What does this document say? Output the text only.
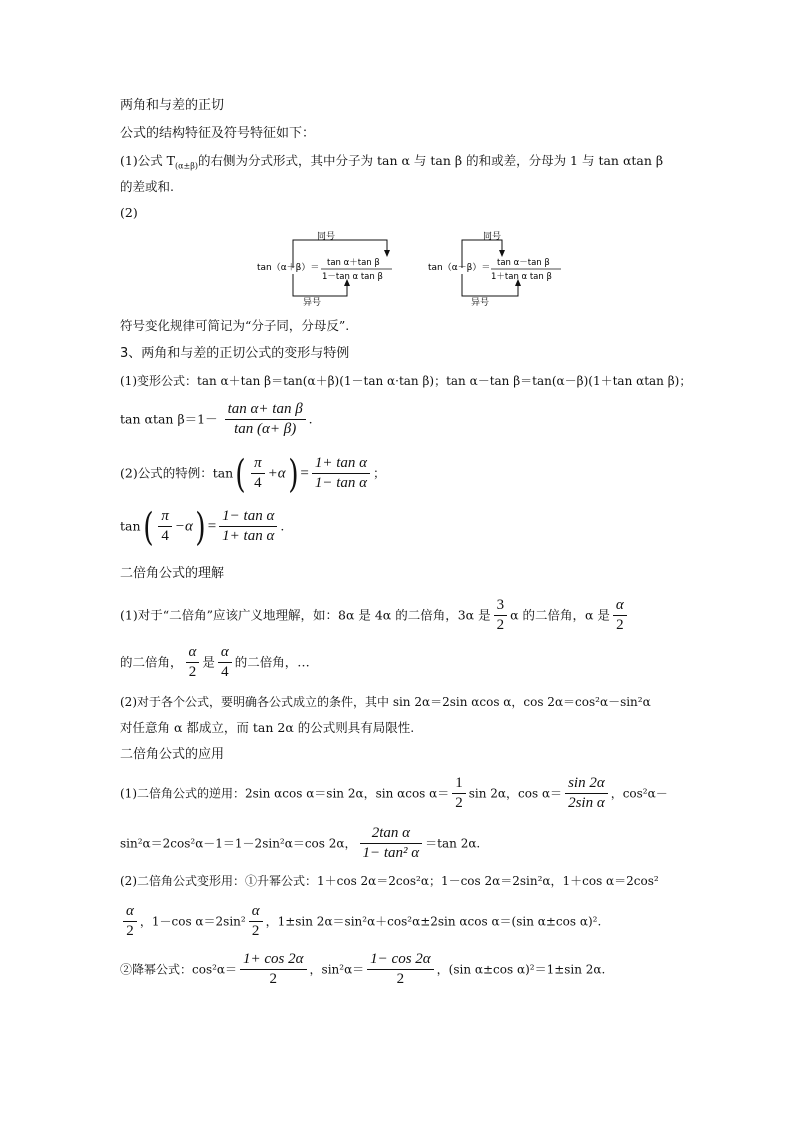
两角和与差的正切
公式的结构特征及符号特征如下：
(1)公式 $T_{(\alpha\pm\beta)}$的右侧为分式形式，其中分子为 tan α 与 tan β 的和或差，分母为 1 与 tan αtan β
的差或和.
(2)
同号
异号
tan（α＋β）＝ tan α＋tan β
1－tan α tan β
同号
异号
tan（α－β）＝ tan α－tan β
1＋tan α tan β
符号变化规律可简记为“分子同，分母反”.
3、两角和与差的正切公式的变形与特例
(1)变形公式：tan α＋tan β＝tan(α＋β)(1－tan α·tan β)；tan α－tan β＝tan(α－β)(1＋tan αtan β)；
tan αtan $\beta=1- \frac{\text{tan α+ tan β}}{\tan (\alpha+ \beta)}$ .
(2)公式的特例：$\tan( \frac{\pi}{4} +\alpha) = \frac{\text{1+ tan α}}{\text{1− tan α}}$ ；
$\tan( \frac{\pi}{4} -\alpha) = \frac{\text{1− tan α}}{\text{1+ tan α}}$ .
二倍角公式的理解
(1)对于“二倍角”应该广义地理解，如：8α 是 4α 的二倍角，3α 是 $\frac{3}{2}$ α 的二倍角，α 是 $\frac{\alpha}{2}$
的二倍角， $\frac{\alpha}{2}$ 是 $\frac{\alpha}{4}$ 的二倍角，…
(2)对于各个公式，要明确各公式成立的条件，其中 sin 2α＝2sin αcos α，cos 2α＝cos²α－sin²α
对任意角 α 都成立，而 tan 2α 的公式则具有局限性.
二倍角公式的应用
(1)二倍角公式的逆用：2sin αcos α＝sin 2α，sin αcos $\alpha= \frac{1}{2}$ sin 2α，$\cos \alpha= \frac{\sin 2\alpha}{\text{2sin α}}$ ，cos²α－
sin²α＝2cos²α－1＝1－2sin²α＝cos 2α， $\frac{\text{2tan α}}{\text{1− tan² α}} =\tan$ 2α.
(2)二倍角公式变形用：①升幂公式：1＋cos 2α＝2cos²α；1－cos 2α＝2sin²α，1＋cos α＝2cos²
$\frac{\alpha}{2}$ ，1－cos $\alpha=2\sin^2 \frac{\alpha}{2}$ ，1±sin 2α＝sin²α＋cos²α±2sin αcos α＝(sin α±cos α)².
②降幂公式：$\cos^2\alpha= \frac{1+ \cos 2\alpha}{2}$ ，$\sin^2\alpha= \frac{1- \cos 2\alpha}{2}$ ，(sin α±cos α)²＝1±sin 2α.
